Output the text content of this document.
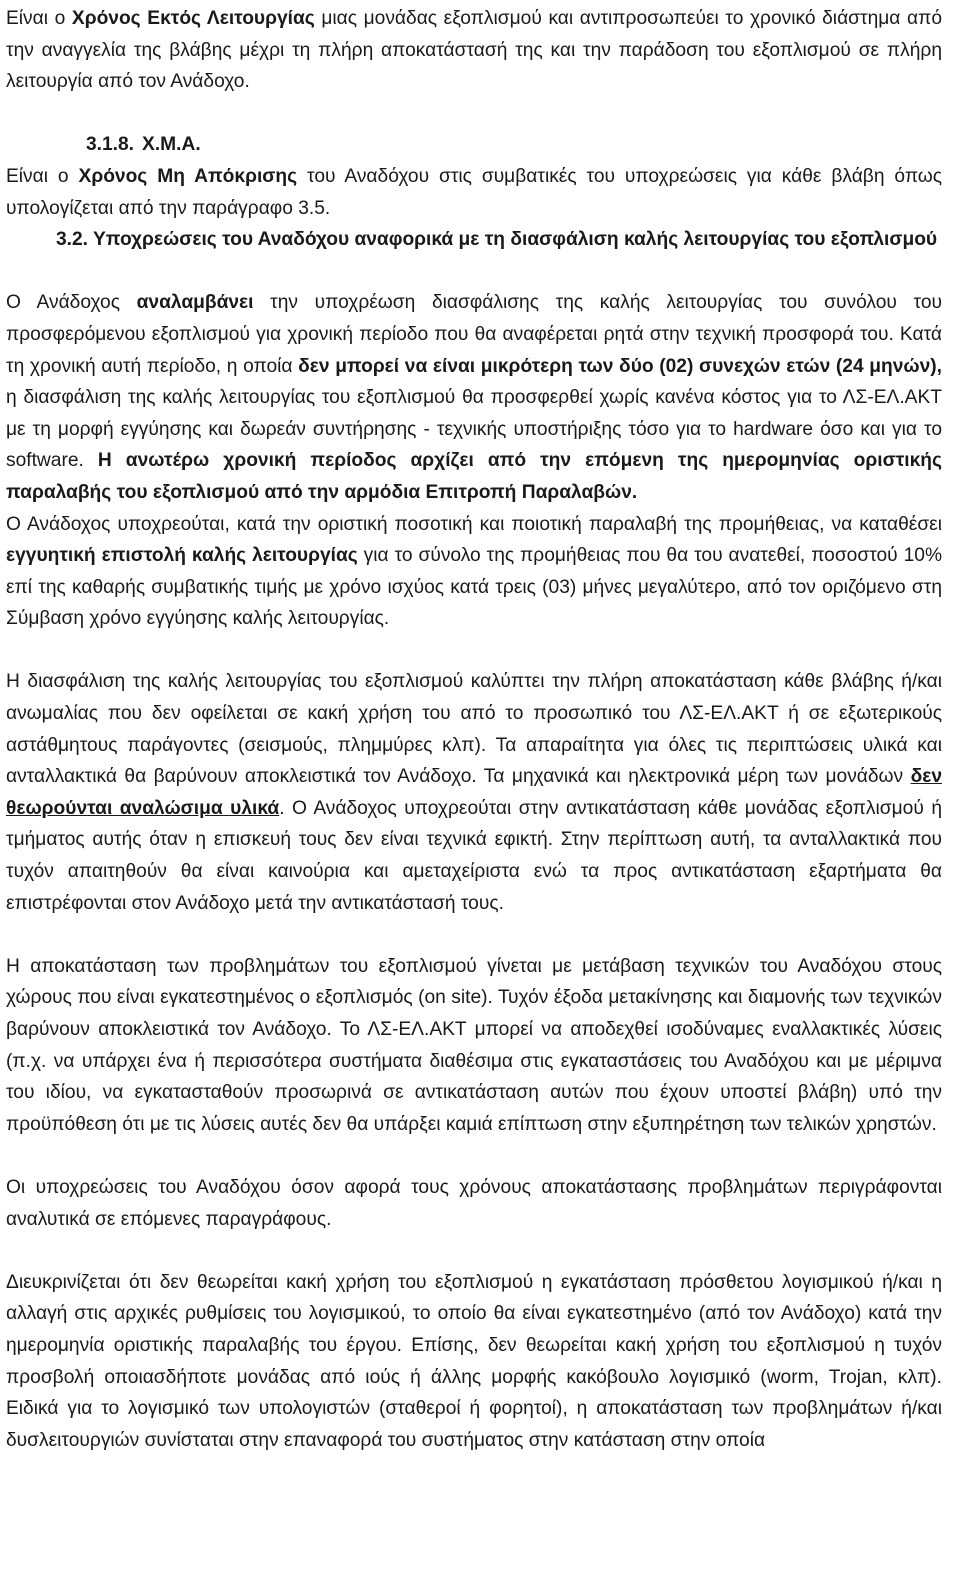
Είναι ο Χρόνος Εκτός Λειτουργίας μιας μονάδας εξοπλισμού και αντιπροσωπεύει το χρονικό διάστημα από την αναγγελία της βλάβης μέχρι τη πλήρη αποκατάστασή της και την παράδοση του εξοπλισμού σε πλήρη λειτουργία από τον Ανάδοχο.

3.1.8. Χ.Μ.Α.

Είναι ο Χρόνος Μη Απόκρισης του Αναδόχου στις συμβατικές του υποχρεώσεις για κάθε βλάβη όπως υπολογίζεται από την παράγραφο 3.5.

3.2. Υποχρεώσεις του Αναδόχου αναφορικά με τη διασφάλιση καλής λειτουργίας του εξοπλισμού

Ο Ανάδοχος αναλαμβάνει την υποχρέωση διασφάλισης της καλής λειτουργίας του συνόλου του προσφερόμενου εξοπλισμού για χρονική περίοδο που θα αναφέρεται ρητά στην τεχνική προσφορά του. Κατά τη χρονική αυτή περίοδο, η οποία δεν μπορεί να είναι μικρότερη των δύο (02) συνεχών ετών (24 μηνών), η διασφάλιση της καλής λειτουργίας του εξοπλισμού θα προσφερθεί χωρίς κανένα κόστος για το ΛΣ-ΕΛ.ΑΚΤ με τη μορφή εγγύησης και δωρεάν συντήρησης - τεχνικής υποστήριξης τόσο για το hardware όσο και για το software. Η ανωτέρω χρονική περίοδος αρχίζει από την επόμενη της ημερομηνίας οριστικής παραλαβής του εξοπλισμού από την αρμόδια Επιτροπή Παραλαβών.

Ο Ανάδοχος υποχρεούται, κατά την οριστική ποσοτική και ποιοτική παραλαβή της προμήθειας, να καταθέσει εγγυητική επιστολή καλής λειτουργίας για το σύνολο της προμήθειας που θα του ανατεθεί, ποσοστού 10% επί της καθαρής συμβατικής τιμής με χρόνο ισχύος κατά τρεις (03) μήνες μεγαλύτερο, από τον οριζόμενο στη Σύμβαση χρόνο εγγύησης καλής λειτουργίας.

Η διασφάλιση της καλής λειτουργίας του εξοπλισμού καλύπτει την πλήρη αποκατάσταση κάθε βλάβης ή/και ανωμαλίας που δεν οφείλεται σε κακή χρήση του από το προσωπικό του ΛΣ-ΕΛ.ΑΚΤ ή σε εξωτερικούς αστάθμητους παράγοντες (σεισμούς, πλημμύρες κλπ). Τα απαραίτητα για όλες τις περιπτώσεις υλικά και ανταλλακτικά θα βαρύνουν αποκλειστικά τον Ανάδοχο. Τα μηχανικά και ηλεκτρονικά μέρη των μονάδων δεν θεωρούνται αναλώσιμα υλικά. Ο Ανάδοχος υποχρεούται στην αντικατάσταση κάθε μονάδας εξοπλισμού ή τμήματος αυτής όταν η επισκευή τους δεν είναι τεχνικά εφικτή. Στην περίπτωση αυτή, τα ανταλλακτικά που τυχόν απαιτηθούν θα είναι καινούρια και αμεταχείριστα ενώ τα προς αντικατάσταση εξαρτήματα θα επιστρέφονται στον Ανάδοχο μετά την αντικατάστασή τους.

Η αποκατάσταση των προβλημάτων του εξοπλισμού γίνεται με μετάβαση τεχνικών του Αναδόχου στους χώρους που είναι εγκατεστημένος ο εξοπλισμός (on site). Τυχόν έξοδα μετακίνησης και διαμονής των τεχνικών βαρύνουν αποκλειστικά τον Ανάδοχο. Το ΛΣ-ΕΛ.ΑΚΤ μπορεί να αποδεχθεί ισοδύναμες εναλλακτικές λύσεις (π.χ. να υπάρχει ένα ή περισσότερα συστήματα διαθέσιμα στις εγκαταστάσεις του Αναδόχου και με μέριμνα του ιδίου, να εγκατασταθούν προσωρινά σε αντικατάσταση αυτών που έχουν υποστεί βλάβη) υπό την προϋπόθεση ότι με τις λύσεις αυτές δεν θα υπάρξει καμιά επίπτωση στην εξυπηρέτηση των τελικών χρηστών.

Οι υποχρεώσεις του Αναδόχου όσον αφορά τους χρόνους αποκατάστασης προβλημάτων περιγράφονται αναλυτικά σε επόμενες παραγράφους.

Διευκρινίζεται ότι δεν θεωρείται κακή χρήση του εξοπλισμού η εγκατάσταση πρόσθετου λογισμικού ή/και η αλλαγή στις αρχικές ρυθμίσεις του λογισμικού, το οποίο θα είναι εγκατεστημένο (από τον Ανάδοχο) κατά την ημερομηνία οριστικής παραλαβής του έργου. Επίσης, δεν θεωρείται κακή χρήση του εξοπλισμού η τυχόν προσβολή οποιασδήποτε μονάδας από ιούς ή άλλης μορφής κακόβουλο λογισμικό (worm, Trojan, κλπ). Ειδικά για το λογισμικό των υπολογιστών (σταθεροί ή φορητοί), η αποκατάσταση των προβλημάτων ή/και δυσλειτουργιών συνίσταται στην επαναφορά του συστήματος στην κατάσταση στην οποία
